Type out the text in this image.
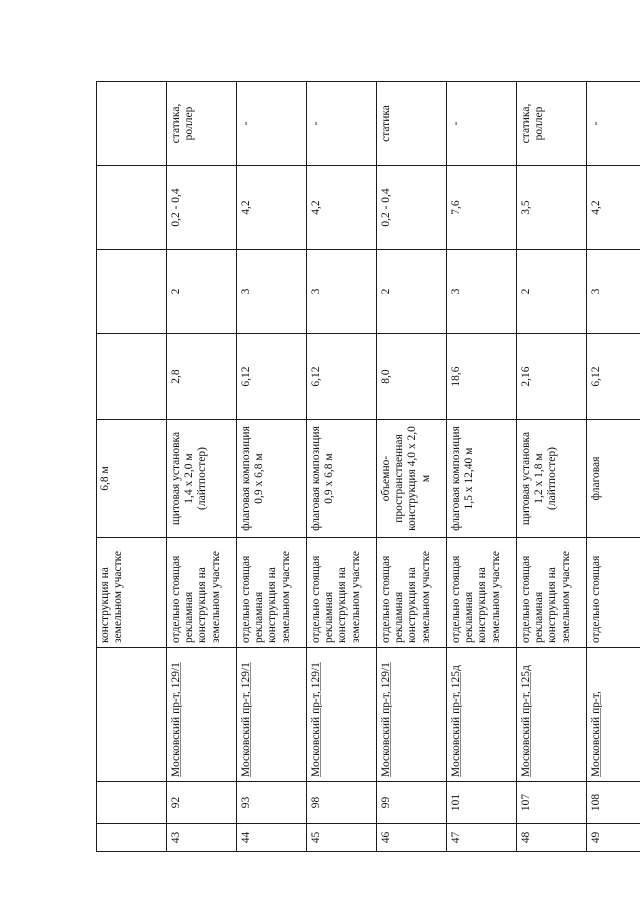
			конструкция на земельном участке	6,8 м				
43	92	Московский пр-т, 129/1	отдельно стоящая рекламная конструкция на земельном участке	щитовая установка 1,4 х 2,0 м (лайтпостер)	2,8	2	0,2 - 0,4	статика, роллер
44	93	Московский пр-т, 129/1	отдельно стоящая рекламная конструкция на земельном участке	флаговая композиция 0,9 х 6,8 м	6,12	3	4,2	-
45	98	Московский пр-т, 129/1	отдельно стоящая рекламная конструкция на земельном участке	флаговая композиция 0,9 х 6,8 м	6,12	3	4,2	-
46	99	Московский пр-т, 129/1	отдельно стоящая рекламная конструкция на земельном участке	объемно-пространственная конструкция 4,0 х 2,0 м	8,0	2	0,2 - 0,4	статика
47	101	Московский пр-т, 125д	отдельно стоящая рекламная конструкция на земельном участке	флаговая композиция 1,5 х 12,40 м	18,6	3	7,6	-
48	107	Московский пр-т, 125д	отдельно стоящая рекламная конструкция на земельном участке	щитовая установка 1,2 х 1,8 м (лайтпостер)	2,16	2	3,5	статика, роллер
49	108	Московский пр-т,	отдельно стоящая	флаговая	6,12	3	4,2	-
